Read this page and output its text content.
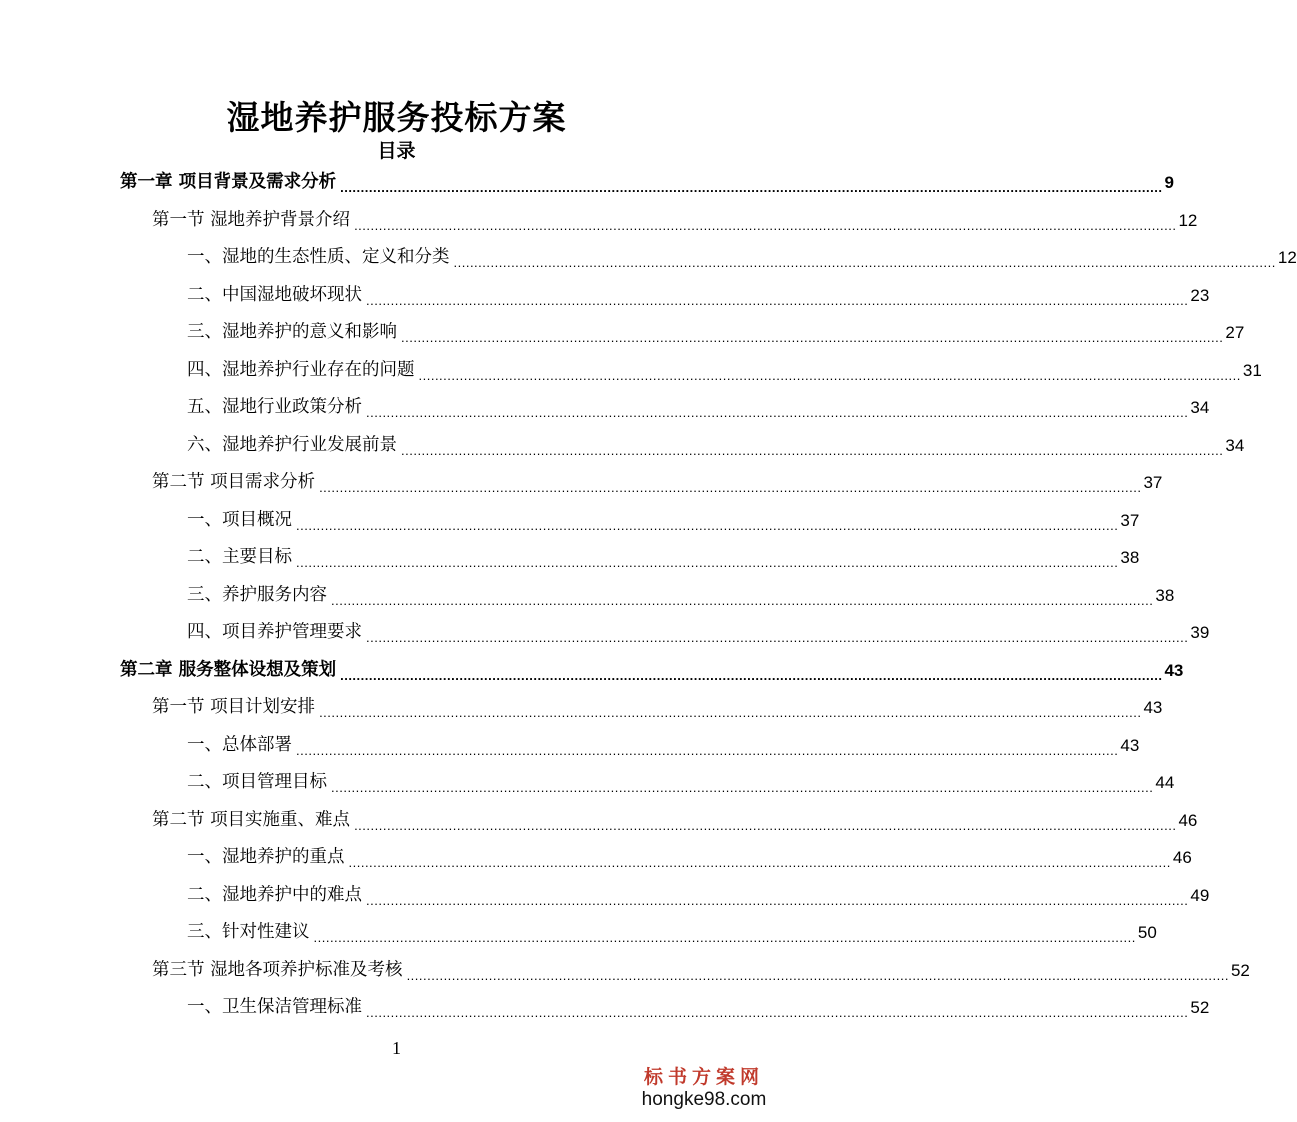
湿地养护服务投标方案
目录
第一章 项目背景及需求分析 ........................................................................................................................................................................................................ 9
第一节 湿地养护背景介绍 ........................................................................................................................................................................................................ 12
一、湿地的生态性质、定义和分类 ........................................................................................................................................................................................................ 12
二、中国湿地破坏现状 ........................................................................................................................................................................................................ 23
三、湿地养护的意义和影响 ........................................................................................................................................................................................................ 27
四、湿地养护行业存在的问题 ........................................................................................................................................................................................................ 31
五、湿地行业政策分析 ........................................................................................................................................................................................................ 34
六、湿地养护行业发展前景 ........................................................................................................................................................................................................ 34
第二节 项目需求分析 ........................................................................................................................................................................................................ 37
一、项目概况 ........................................................................................................................................................................................................ 37
二、主要目标 ........................................................................................................................................................................................................ 38
三、养护服务内容 ........................................................................................................................................................................................................ 38
四、项目养护管理要求 ........................................................................................................................................................................................................ 39
第二章 服务整体设想及策划 ........................................................................................................................................................................................................ 43
第一节 项目计划安排 ........................................................................................................................................................................................................ 43
一、总体部署 ........................................................................................................................................................................................................ 43
二、项目管理目标 ........................................................................................................................................................................................................ 44
第二节 项目实施重、难点 ........................................................................................................................................................................................................ 46
一、湿地养护的重点 ........................................................................................................................................................................................................ 46
二、湿地养护中的难点 ........................................................................................................................................................................................................ 49
三、针对性建议 ........................................................................................................................................................................................................ 50
第三节 湿地各项养护标准及考核 ........................................................................................................................................................................................................ 52
一、卫生保洁管理标准 ........................................................................................................................................................................................................ 52
1
标书方案网
hongke98.com
